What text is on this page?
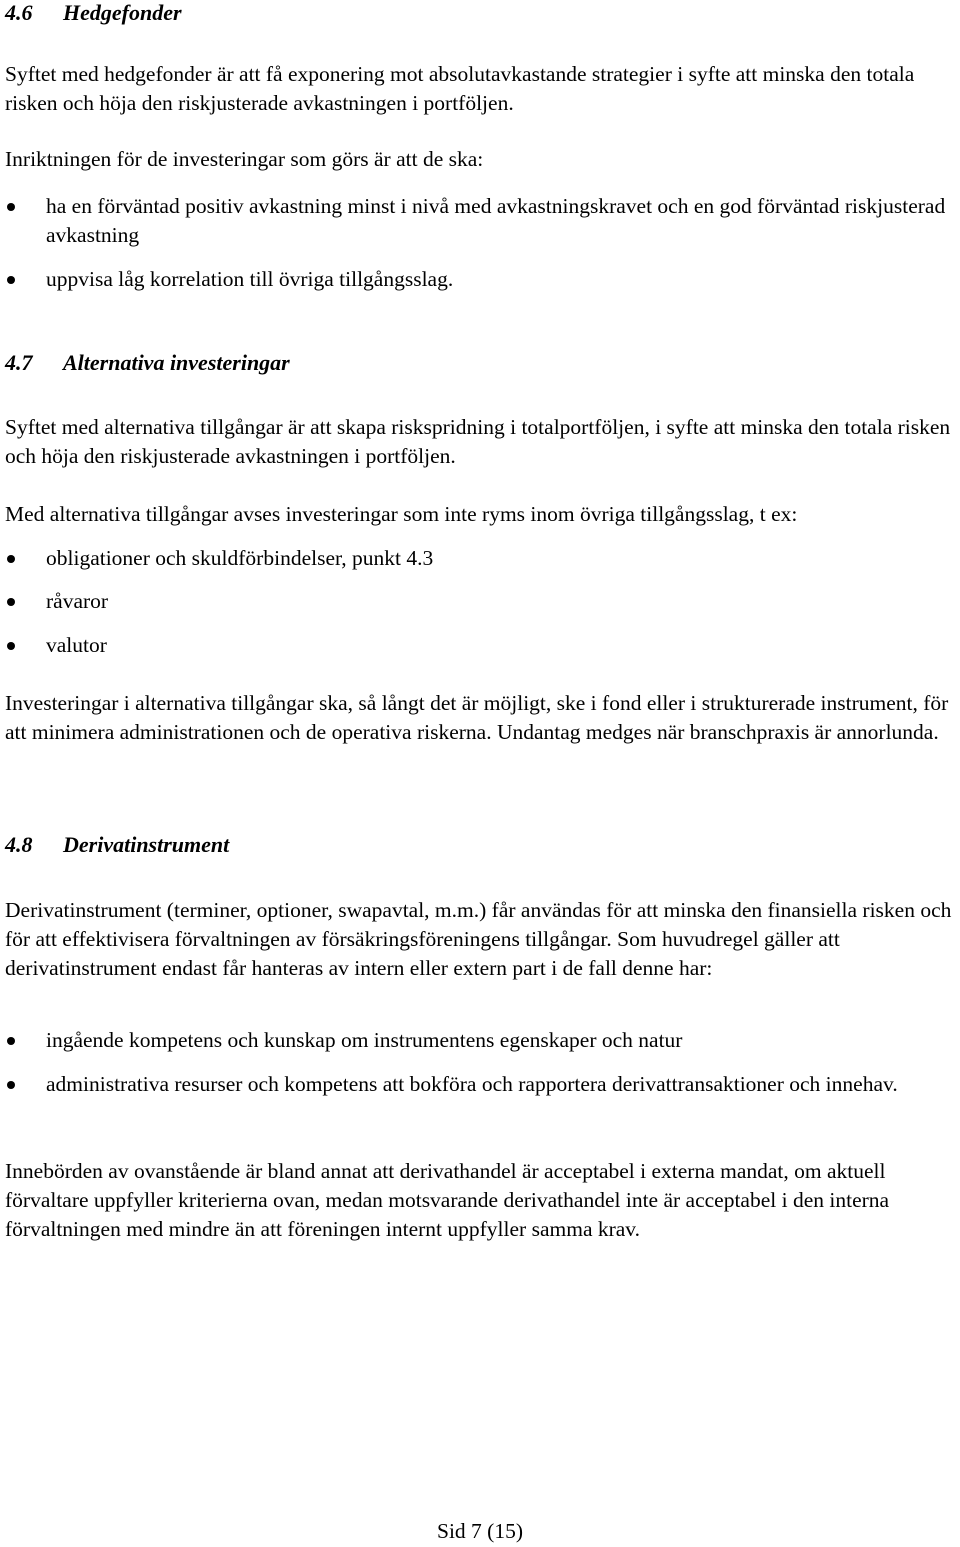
4.6 Hedgefonder

Syftet med hedgefonder är att få exponering mot absolutavkastande strategier i syfte att minska den totala risken och höja den riskjusterade avkastningen i portföljen.

Inriktningen för de investeringar som görs är att de ska:

ha en förväntad positiv avkastning minst i nivå med avkastningskravet och en god förväntad riskjusterad avkastning
uppvisa låg korrelation till övriga tillgångsslag.
4.7 Alternativa investeringar

Syftet med alternativa tillgångar är att skapa riskspridning i totalportföljen, i syfte att minska den totala risken och höja den riskjusterade avkastningen i portföljen.

Med alternativa tillgångar avses investeringar som inte ryms inom övriga tillgångsslag, t ex:

obligationer och skuldförbindelser, punkt 4.3
råvaror
valutor

Investeringar i alternativa tillgångar ska, så långt det är möjligt, ske i fond eller i strukturerade instrument, för att minimera administrationen och de operativa riskerna. Undantag medges när branschpraxis är annorlunda.

4.8 Derivatinstrument

Derivatinstrument (terminer, optioner, swapavtal, m.m.) får användas för att minska den finansiella risken och för att effektivisera förvaltningen av försäkringsföreningens tillgångar. Som huvudregel gäller att derivatinstrument endast får hanteras av intern eller extern part i de fall denne har:

ingående kompetens och kunskap om instrumentens egenskaper och natur
administrativa resurser och kompetens att bokföra och rapportera derivattransaktioner och innehav.

Innebörden av ovanstående är bland annat att derivathandel är acceptabel i externa mandat, om aktuell förvaltare uppfyller kriterierna ovan, medan motsvarande derivathandel inte är acceptabel i den interna förvaltningen med mindre än att föreningen internt uppfyller samma krav.

Sid 7 (15)
